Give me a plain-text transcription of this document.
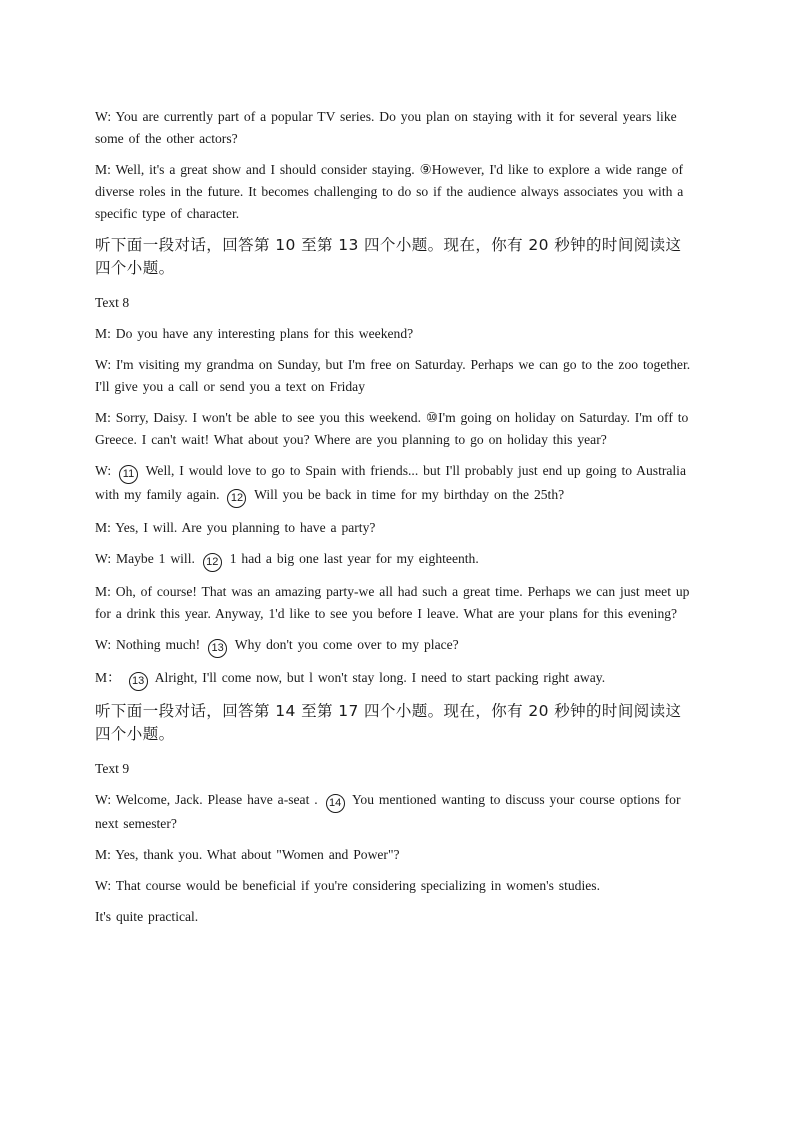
W: You are currently part of a popular TV series. Do you plan on staying with it for several years like some of the other actors?

M: Well, it's a great show and I should consider staying. ⑨However, I'd like to explore a wide range of diverse roles in the future. It becomes challenging to do so if the audience always associates you with a specific type of character.

听下面一段对话，回答第 10 至第 13 四个小题。现在，你有 20 秒钟的时间阅读这四个小题。

Text 8

M: Do you have any interesting plans for this weekend?

W: I'm visiting my grandma on Sunday, but I'm free on Saturday. Perhaps we can go to the zoo together. I'll give you a call or send you a text on Friday

M: Sorry, Daisy. I won't be able to see you this weekend. ⑩I'm going on holiday on Saturday. I'm off to Greece. I can't wait! What about you? Where are you planning to go on holiday this year?

W: 11 Well, I would love to go to Spain with friends... but I'll probably just end up going to Australia with my family again. 12 Will you be back in time for my birthday on the 25th?

M: Yes, I will. Are you planning to have a party?

W: Maybe 1 will. 12 1 had a big one last year for my eighteenth.

M: Oh, of course! That was an amazing party-we all had such a great time. Perhaps we can just meet up for a drink this year. Anyway, 1'd like to see you before I leave. What are your plans for this evening?

W: Nothing much! 13 Why don't you come over to my place?

M： 13 Alright, I'll come now, but l won't stay long. I need to start packing right away.

听下面一段对话，回答第 14 至第 17 四个小题。现在，你有 20 秒钟的时间阅读这四个小题。

Text 9

W: Welcome, Jack. Please have a-seat . 14 You mentioned wanting to discuss your course options for next semester?

M: Yes, thank you. What about "Women and Power"?

W: That course would be beneficial if you're considering specializing in women's studies.

It's quite practical.
